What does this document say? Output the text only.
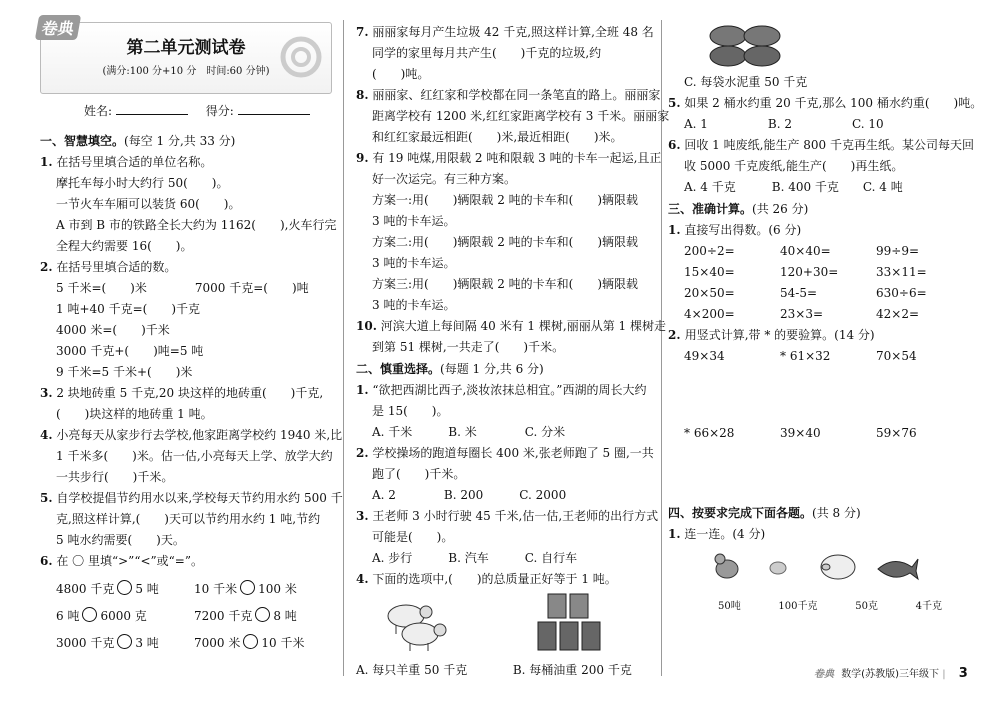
卷典
第二单元测试卷
(满分:100 分+10 分　时间:60 分钟)
姓名:	得分:
一、智慧填空。(每空 1 分,共 33 分)
1. 在括号里填合适的单位名称。
摩托车每小时大约行 50(　　)。
一节火车车厢可以装货 60(　　)。
A 市到 B 市的铁路全长大约为 1162(　　),火车行完
全程大约需要 16(　　)。
2. 在括号里填合适的数。
5 千米=(　　)米　　　　7000 千克=(　　)吨
1 吨+40 千克=(　　)千克
4000 米=(　　)千米
3000 千克+(　　)吨=5 吨
9 千米=5 千米+(　　)米
3. 2 块地砖重 5 千克,20 块这样的地砖重(　　)千克,
(　　)块这样的地砖重 1 吨。
4. 小亮每天从家步行去学校,他家距离学校约 1940 米,比
1 千米多(　　)米。估一估,小亮每天上学、放学大约
一共步行(　　)千米。
5. 自学校提倡节约用水以来,学校每天节约用水约 500 千
克,照这样计算,(　　)天可以节约用水约 1 吨,节约
5 吨水约需要(　　)天。
6. 在 〇 里填“>”“<”或“=”。
4800 千克 5 吨	10 千米 100 米
6 吨 6000 克	7200 千克 8 吨
3000 千克 3 吨	7000 米 10 千米
7. 丽丽家每月产生垃圾 42 千克,照这样计算,全班 48 名
同学的家里每月共产生(　　)千克的垃圾,约
(　　)吨。
8. 丽丽家、红红家和学校都在同一条笔直的路上。丽丽家
距离学校有 1200 米,红红家距离学校有 3 千米。丽丽家
和红红家最远相距(　　)米,最近相距(　　)米。
9. 有 19 吨煤,用限载 2 吨和限载 3 吨的卡车一起运,且正
好一次运完。有三种方案。
方案一:用(　　)辆限载 2 吨的卡车和(　　)辆限载
3 吨的卡车运。
方案二:用(　　)辆限载 2 吨的卡车和(　　)辆限载
3 吨的卡车运。
方案三:用(　　)辆限载 2 吨的卡车和(　　)辆限载
3 吨的卡车运。
10. 河滨大道上每间隔 40 米有 1 棵树,丽丽从第 1 棵树走
到第 51 棵树,一共走了(　　)千米。
二、慎重选择。(每题 1 分,共 6 分)
1. “欲把西湖比西子,淡妆浓抹总相宜。”西湖的周长大约
是 15(　　)。
A. 千米　　　B. 米　　　　C. 分米
2. 学校操场的跑道每圈长 400 米,张老师跑了 5 圈,一共
跑了(　　)千米。
A. 2　　　　B. 200　　　C. 2000
3. 王老师 3 小时行驶 45 千米,估一估,王老师的出行方式
可能是(　　)。
A. 步行　　　B. 汽车　　　C. 自行车
4. 下面的选项中,(　　)的总质量正好等于 1 吨。
A. 每只羊重 50 千克	B. 每桶油重 200 千克
C. 每袋水泥重 50 千克
5. 如果 2 桶水约重 20 千克,那么 100 桶水约重(　　)吨。
A. 1　　　　　B. 2　　　　　C. 10
6. 回收 1 吨废纸,能生产 800 千克再生纸。某公司每天回
收 5000 千克废纸,能生产(　　)再生纸。
A. 4 千克　　　B. 400 千克　　C. 4 吨
三、准确计算。(共 26 分)
1. 直接写出得数。(6 分)
200÷2=	40×40=	99÷9=
15×40=	120+30=	33×11=
20×50=	54-5=	630÷6=
4×200=	23×3=	42×2=
2. 用竖式计算,带 * 的要验算。(14 分)
49×34	* 61×32	70×54
* 66×28	39×40	59×76
四、按要求完成下面各题。(共 8 分)
1. 连一连。(4 分)
50吨	100千克	50克	4千克
卷典 数学(苏教版)三年级下 | 3
